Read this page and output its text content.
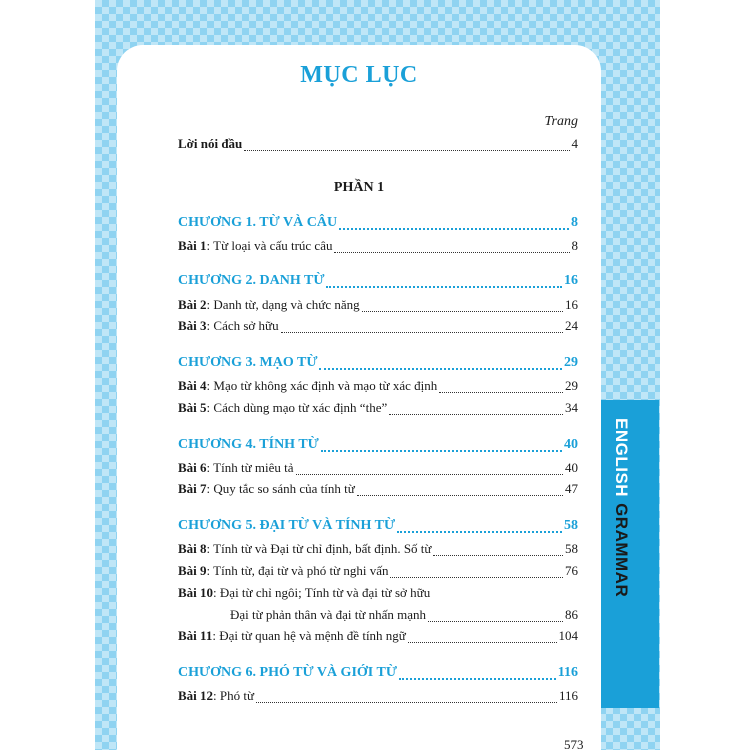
ENGLISHGRAMMAR
MỤC LỤC
Trang
Lời nói đầu	4
PHẦN 1
CHƯƠNG 1. TỪ VÀ CÂU	8
Bài 1: Từ loại và cấu trúc câu	8
CHƯƠNG 2. DANH TỪ	16
Bài 2: Danh từ, dạng và chức năng	16
Bài 3: Cách sở hữu	24
CHƯƠNG 3. MẠO TỪ	29
Bài 4: Mạo từ không xác định và mạo từ xác định	29
Bài 5: Cách dùng mạo từ xác định “the”	34
CHƯƠNG 4. TÍNH TỪ	40
Bài 6: Tính từ miêu tả	40
Bài 7: Quy tắc so sánh của tính từ	47
CHƯƠNG 5. ĐẠI TỪ VÀ TÍNH TỪ	58
Bài 8: Tính từ và Đại từ chỉ định, bất định. Số từ	58
Bài 9: Tính từ, đại từ và phó từ nghi vấn	76
Bài 10: Đại từ chỉ ngôi; Tính từ và đại từ sở hữu
Đại từ phản thân và đại từ nhấn mạnh	86
Bài 11: Đại từ quan hệ và mệnh đề tính ngữ	104
CHƯƠNG 6. PHÓ TỪ VÀ GIỚI TỪ	116
Bài 12: Phó từ	116
573
